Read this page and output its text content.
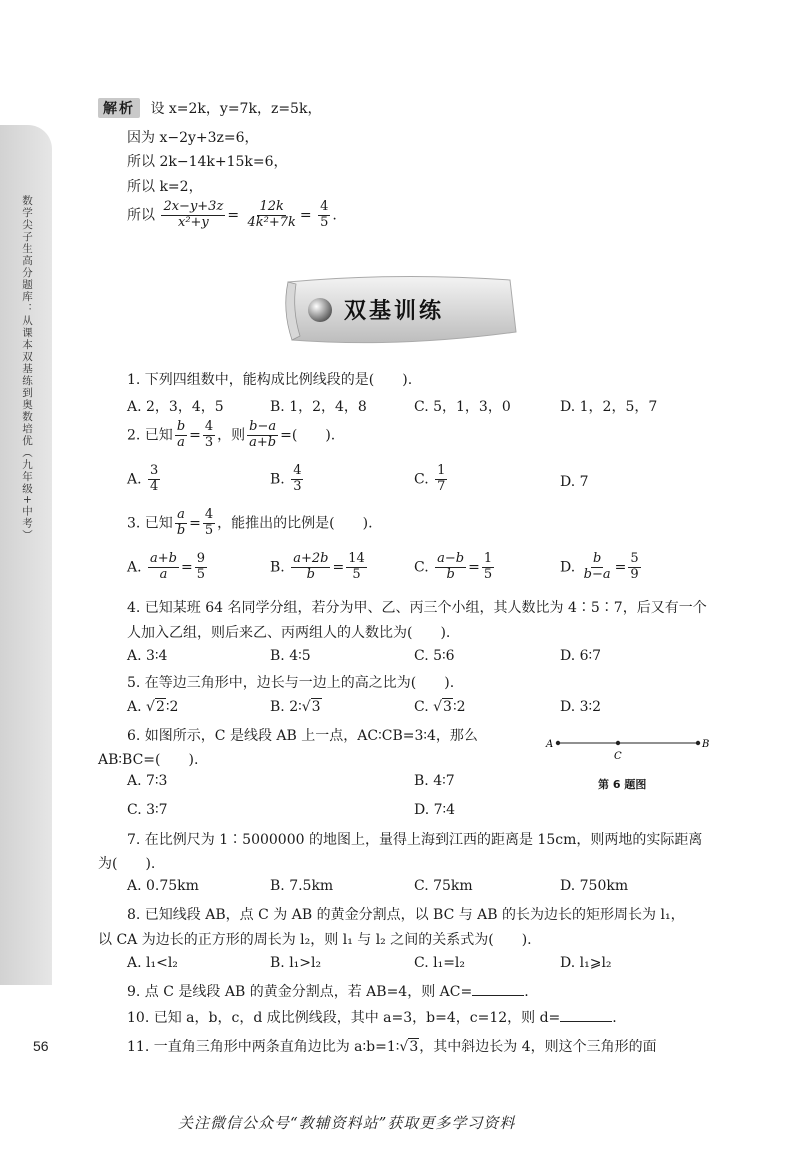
数学尖子生高分题库：从课本双基练到奥数培优（九年级+中考）
56
解析 设 x=2k，y=7k，z=5k，
因为 x−2y+3z=6，
所以 2k−14k+15k=6，
所以 k=2，
所以 $\frac{2x-y+3z}{\text{x²+y}} = \frac{12k}{\text{4k²+7k}} = \frac{4}{5}$ .
双基训练
1. 下列四组数中，能构成比例线段的是(　　).
A. 2，3，4，5	B. 1，2，4，8	C. 5，1，3，0	D. 1，2，5，7
2. 已知 $\frac{b}{a} = \frac{4}{3}$ ，则 $\frac{b-a}{a+b}$ =(　　).
A. $\frac{3}{4}$	B. $\frac{4}{3}$	C. $\frac{1}{7}$	D. 7
3. 已知 $\frac{a}{b} = \frac{4}{5}$ ，能推出的比例是(　　).
A. $\frac{a+b}{a} = \frac{9}{5}$	B. $\frac{a+2b}{b} = \frac{14}{5}$	C. $\frac{a-b}{b} = \frac{1}{5}$	D. $\frac{b}{b-a} = \frac{5}{9}$
4. 已知某班 64 名同学分组，若分为甲、乙、丙三个小组，其人数比为 4∶5∶7，后又有一个
人加入乙组，则后来乙、丙两组人的人数比为(　　).
A. 3∶4	B. 4∶5	C. 5∶6	D. 6∶7
5. 在等边三角形中，边长与一边上的高之比为(　　).
A. √2∶2	B. 2∶√3	C. √3∶2	D. 3∶2
6. 如图所示，C 是线段 AB 上一点，AC∶CB=3∶4，那么
AB∶BC=(　　).
A. 7∶3	B. 4∶7
C. 3∶7	D. 7∶4
A	B
C
第 6 题图
7. 在比例尺为 1∶5000000 的地图上，量得上海到江西的距离是 15cm，则两地的实际距离
为(　　).
A. 0.75km	B. 7.5km	C. 75km	D. 750km
8. 已知线段 AB，点 C 为 AB 的黄金分割点，以 BC 与 AB 的长为边长的矩形周长为 l₁，
以 CA 为边长的正方形的周长为 l₂，则 l₁ 与 l₂ 之间的关系式为(　　).
A. l₁<l₂	B. l₁>l₂	C. l₁=l₂	D. l₁⩾l₂
9. 点 C 是线段 AB 的黄金分割点，若 AB=4，则 AC=	.
10. 已知 a，b，c，d 成比例线段，其中 a=3，b=4，c=12，则 d=	.
11. 一直角三角形中两条直角边比为 a∶b=1∶√3，其中斜边长为 4，则这个三角形的面
关注微信公众号“教辅资料站”获取更多学习资料
